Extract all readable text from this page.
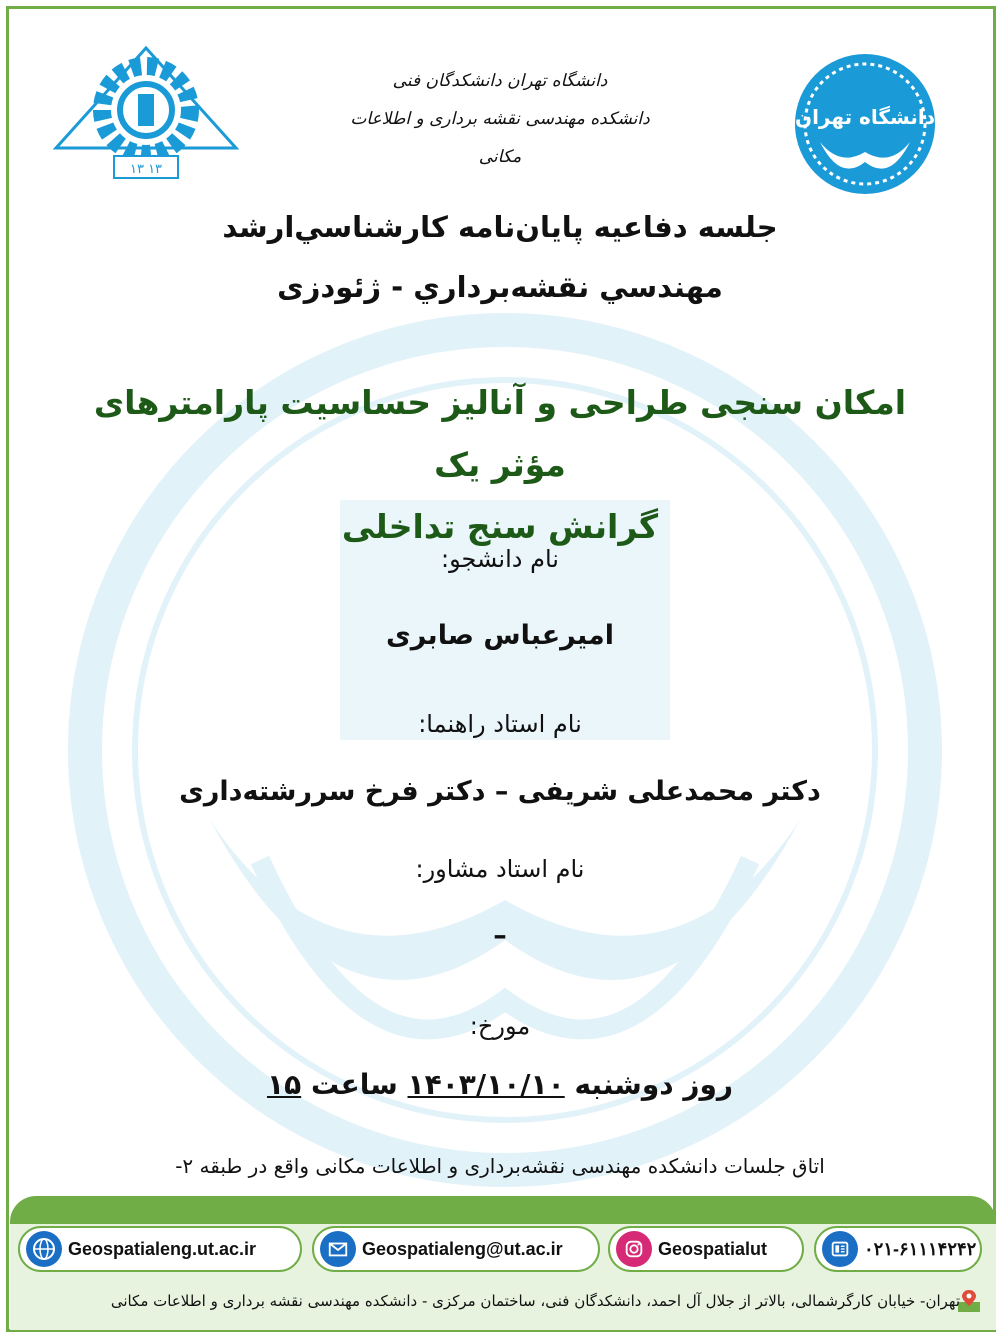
۱۳ ۱۳
دانشگاه تهران
دانشگاه تهران دانشکدگان فنی
دانشکده مهندسی نقشه برداری و اطلاعات مکانی
جلسه دفاعيه پايان‌نامه كارشناسي‌ارشد
مهندسي نقشه‌برداري - ژئودزی
امکان سنجی طراحی و آنالیز حساسیت پارامترهای مؤثر یک
گرانش سنج تداخلی
نام دانشجو:
امیرعباس صابری
نام استاد راهنما:
دکتر محمدعلی شریفی – دکتر فرخ سررشته‌داری
نام استاد مشاور:
–
مورخ:
روز دوشنبه ۱۴۰۳/۱۰/۱۰ ساعت ۱۵
اتاق جلسات دانشکده مهندسی نقشه‌برداری و اطلاعات مکانی واقع در طبقه ۲-
Geospatialeng.ut.ac.ir	Geospatialeng@ut.ac.ir	Geospatialut	۰۲۱-۶۱۱۱۴۲۴۲
تهران- خیابان کارگرشمالی، بالاتر از جلال آل احمد، دانشکدگان فنی، ساختمان مرکزی - دانشکده مهندسی نقشه برداری و اطلاعات مکانی
